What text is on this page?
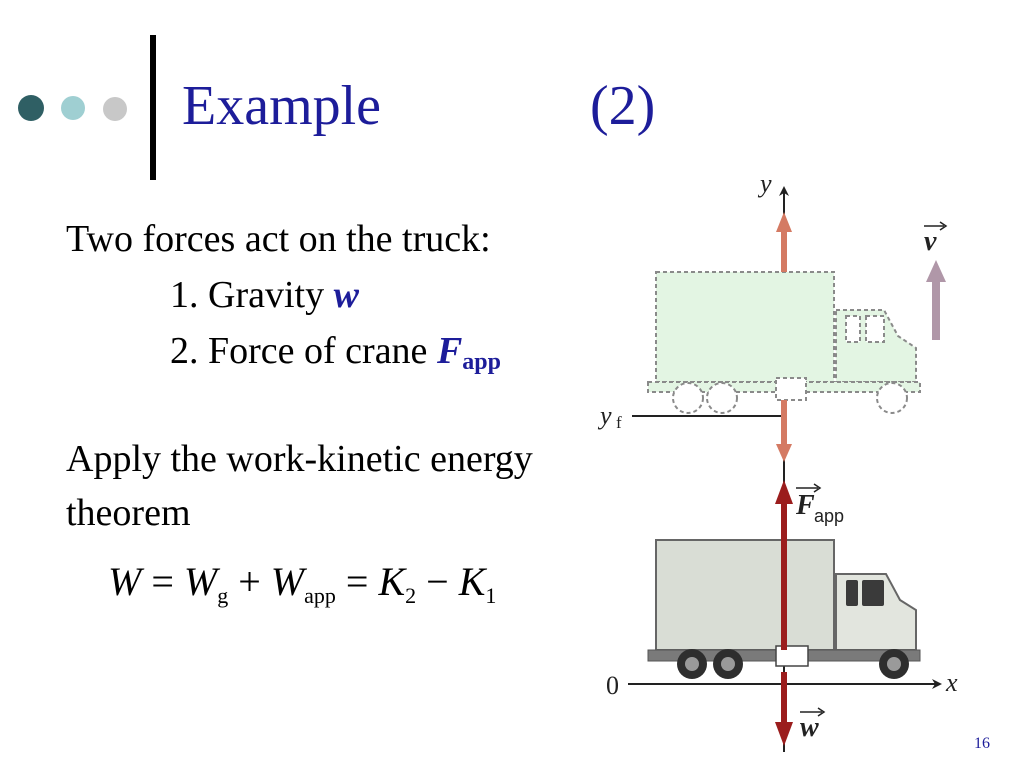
Example	(2)
Two forces act on the truck:
1. Gravity w
2. Force of crane Fapp
Apply the work-kinetic energy
theorem
$W = W_g + W_{app} = K_2 - K_1$
y
x
0
y f
v
F app
w
16
